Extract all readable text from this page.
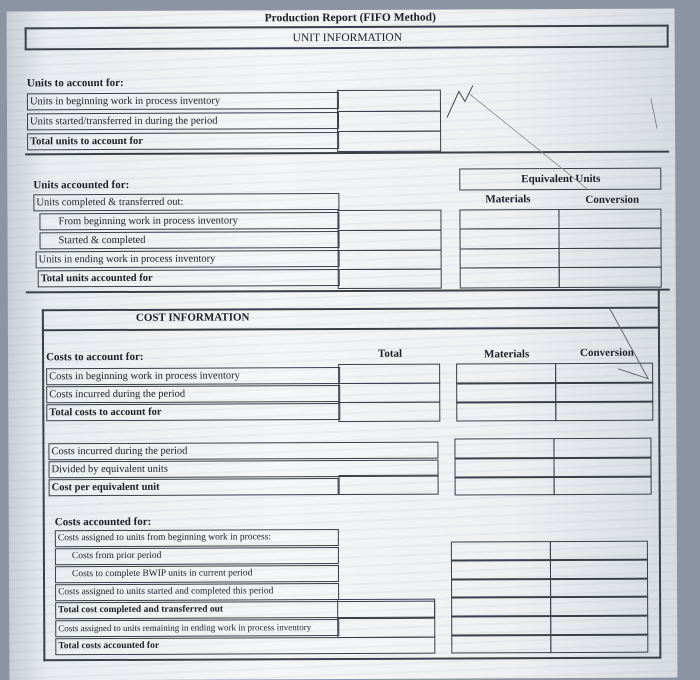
Production Report (FIFO Method)
UNIT INFORMATION
Units to account for:
Units in beginning work in process inventory
Units started/transferred in during the period
Total units to account for
Units accounted for:
Units completed & transferred out:
From beginning work in process inventory
Started & completed
Units in ending work in process inventory
Total units accounted for
Equivalent Units
Materials	Conversion
COST INFORMATION
Total	Materials	Conversion
Costs to account for:
Costs in beginning work in process inventory
Costs incurred during the period
Total costs to account for
Costs incurred during the period
Divided by equivalent units
Cost per equivalent unit
Costs accounted for:
Costs assigned to units from beginning work in process:
Costs from prior period
Costs to complete BWIP units in current period
Costs assigned to units started and completed this period
Total cost completed and transferred out
Costs assigned to units remaining in ending work in process inventory
Total costs accounted for
